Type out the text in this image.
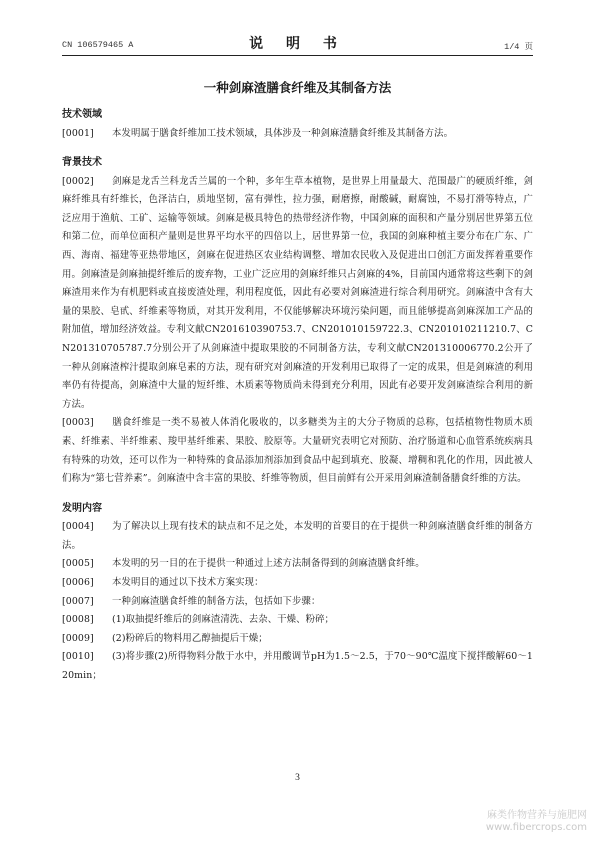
CN 106579465 A	说 明 书	1/4 页
一种剑麻渣膳食纤维及其制备方法
技术领域

[0001] 本发明属于膳食纤维加工技术领域，具体涉及一种剑麻渣膳食纤维及其制备方法。

背景技术

[0002] 剑麻是龙舌兰科龙舌兰属的一个种，多年生草本植物，是世界上用量最大、范围最广的硬质纤维，剑麻纤维具有纤维长，色泽洁白，质地坚韧，富有弹性，拉力强，耐磨擦，耐酸碱，耐腐蚀，不易打滑等特点，广泛应用于渔航、工矿、运输等领域。剑麻是极具特色的热带经济作物，中国剑麻的面积和产量分别居世界第五位和第二位，而单位面积产量则是世界平均水平的四倍以上，居世界第一位，我国的剑麻种植主要分布在广东、广西、海南、福建等亚热带地区，剑麻在促进热区农业结构调整、增加农民收入及促进出口创汇方面发挥着重要作用。剑麻渣是剑麻抽提纤维后的废弃物，工业广泛应用的剑麻纤维只占剑麻的4%，目前国内通常将这些剩下的剑麻渣用来作为有机肥料或直接废渣处理，利用程度低，因此有必要对剑麻渣进行综合利用研究。剑麻渣中含有大量的果胶、皂甙、纤维素等物质，对其开发利用，不仅能够解决环境污染问题，而且能够提高剑麻深加工产品的附加值，增加经济效益。专利文献CN201610390753.7、CN201010159722.3、CN201010211210.7、CN201310705787.7分别公开了从剑麻渣中提取果胶的不同制备方法，专利文献CN201310006770.2公开了一种从剑麻渣榨汁提取剑麻皂素的方法，现有研究对剑麻渣的开发利用已取得了一定的成果，但是剑麻渣的利用率仍有待提高，剑麻渣中大量的短纤维、木质素等物质尚未得到充分利用，因此有必要开发剑麻渣综合利用的新方法。

[0003] 膳食纤维是一类不易被人体消化吸收的，以多糖类为主的大分子物质的总称，包括植物性物质木质素、纤维素、半纤维素、羧甲基纤维素、果胶、胶原等。大量研究表明它对预防、治疗肠道和心血管系统疾病具有特殊的功效，还可以作为一种特殊的食品添加剂添加到食品中起到填充、胶凝、增稠和乳化的作用，因此被人们称为“第七营养素”。剑麻渣中含丰富的果胶、纤维等物质，但目前鲜有公开采用剑麻渣制备膳食纤维的方法。

发明内容

[0004] 为了解决以上现有技术的缺点和不足之处，本发明的首要目的在于提供一种剑麻渣膳食纤维的制备方法。

[0005] 本发明的另一目的在于提供一种通过上述方法制备得到的剑麻渣膳食纤维。

[0006] 本发明目的通过以下技术方案实现：

[0007] 一种剑麻渣膳食纤维的制备方法，包括如下步骤：

[0008] (1)取抽提纤维后的剑麻渣清洗、去杂、干燥、粉碎；

[0009] (2)粉碎后的物料用乙醇抽提后干燥；

[0010] (3)将步骤(2)所得物料分散于水中，并用酸调节pH为1.5～2.5，于70～90℃温度下搅拌酸解60～120min；

3
麻类作物营养与施肥网
www.fibercrops.com
